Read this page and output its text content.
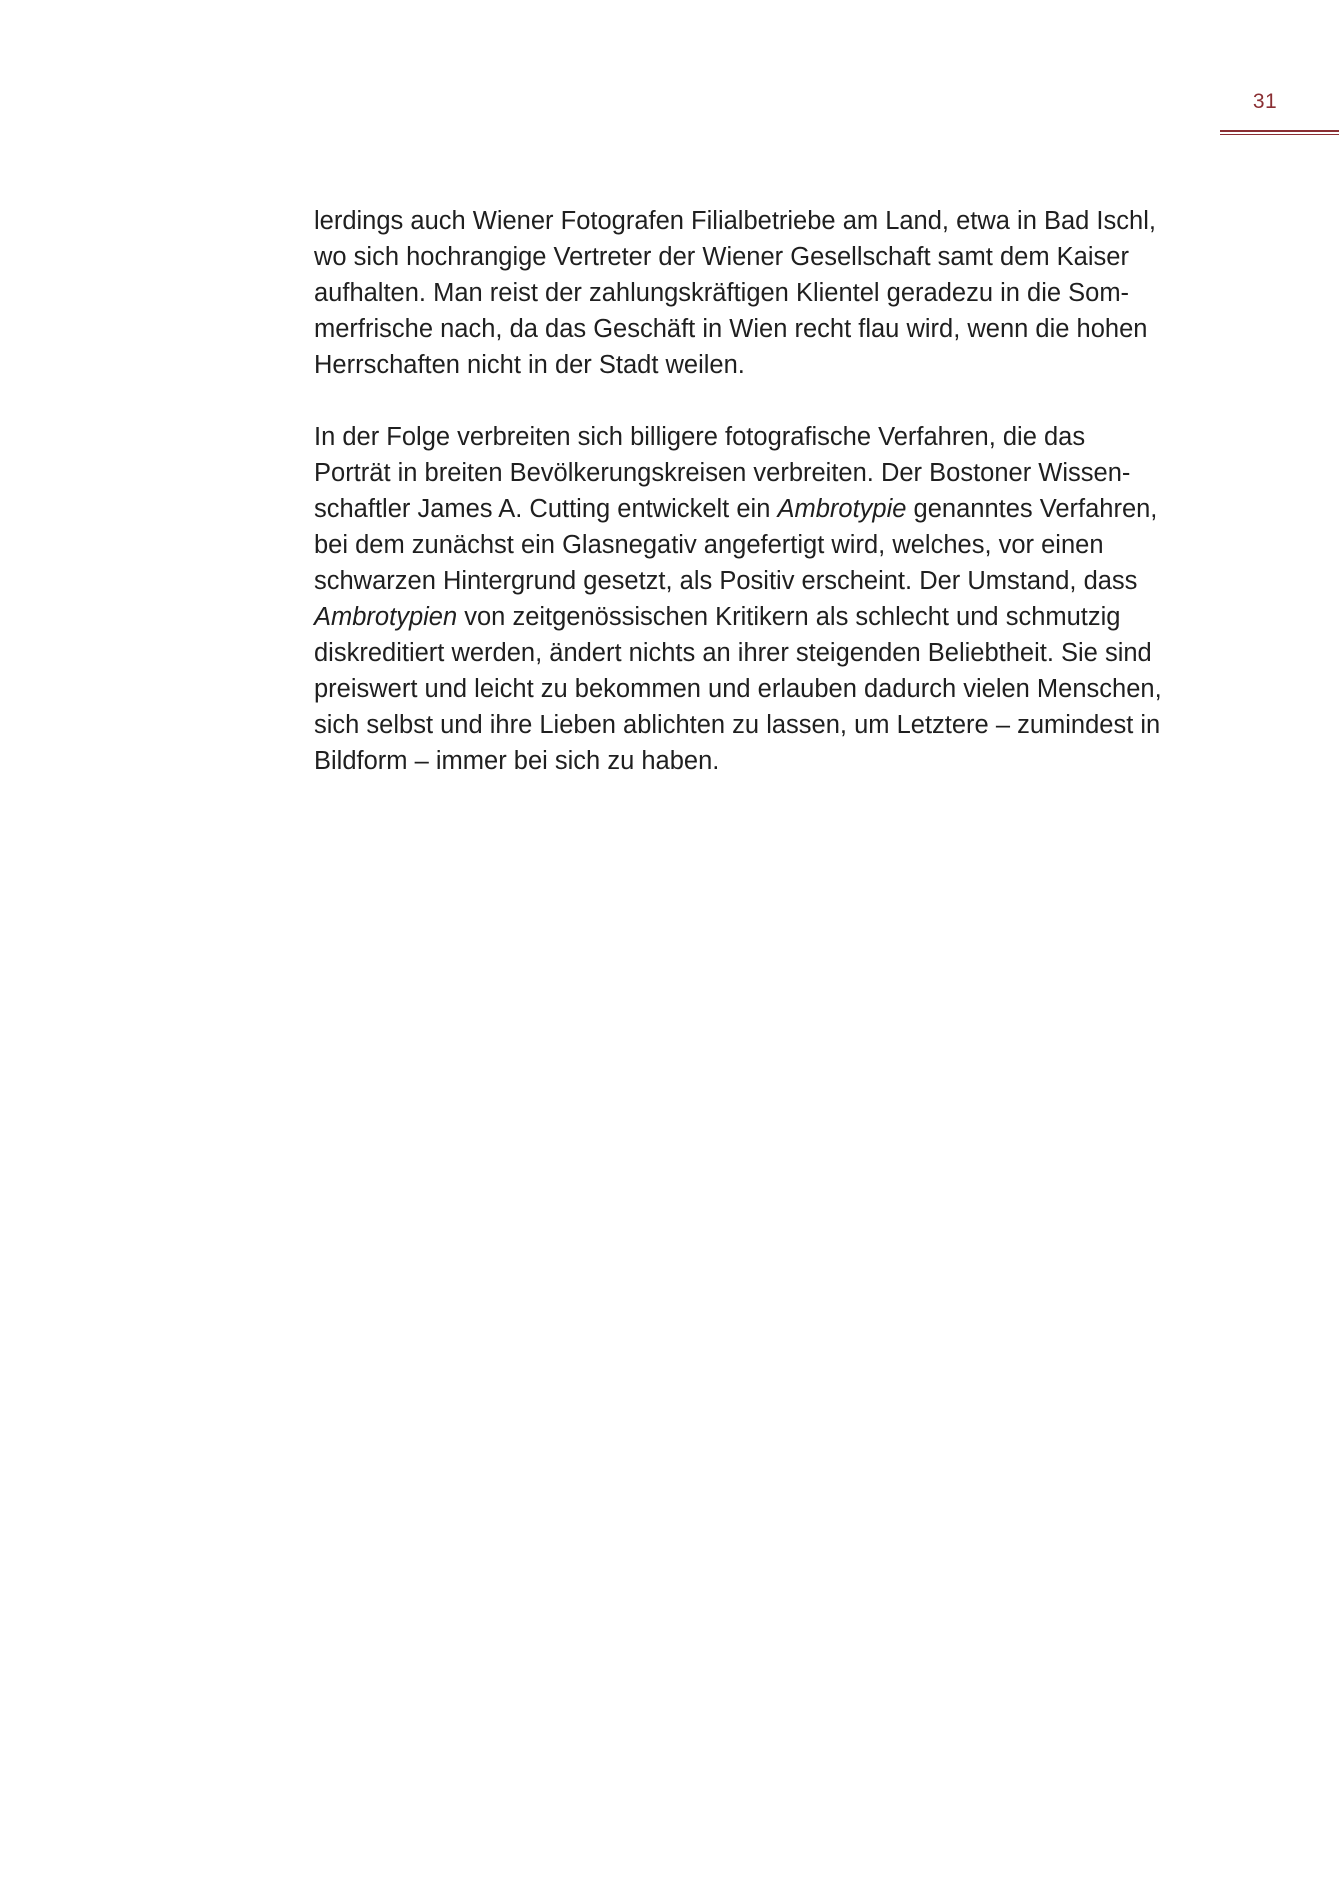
31

lerdings auch Wiener Fotografen Filialbetriebe am Land, etwa in Bad Ischl,
wo sich hochrangige Vertreter der Wiener Gesellschaft samt dem Kaiser
aufhalten. Man reist der zahlungskräftigen Klientel geradezu in die Som-
merfrische nach, da das Geschäft in Wien recht flau wird, wenn die hohen
Herrschaften nicht in der Stadt weilen.

In der Folge verbreiten sich billigere fotografische Verfahren, die das
Porträt in breiten Bevölkerungskreisen verbreiten. Der Bostoner Wissen-
schaftler James A. Cutting entwickelt ein Ambrotypie genanntes Verfahren,
bei dem zunächst ein Glasnegativ angefertigt wird, welches, vor einen
schwarzen Hintergrund gesetzt, als Positiv erscheint. Der Umstand, dass
Ambrotypien von zeitgenössischen Kritikern als schlecht und schmutzig
diskreditiert werden, ändert nichts an ihrer steigenden Beliebtheit. Sie sind
preiswert und leicht zu bekommen und erlauben dadurch vielen Menschen,
sich selbst und ihre Lieben ablichten zu lassen, um Letztere – zumindest in
Bildform – immer bei sich zu haben.
